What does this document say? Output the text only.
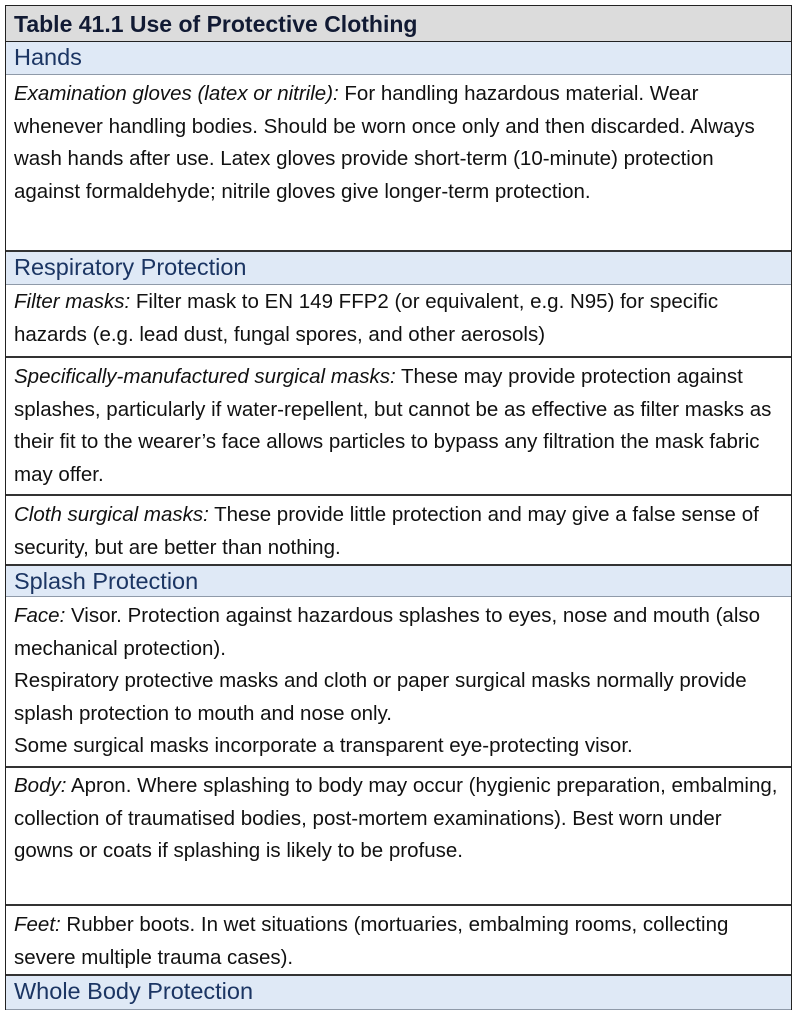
Table 41.1 Use of Protective Clothing
Hands

Examination gloves (latex or nitrile): For handling hazardous material. Wear whenever handling bodies. Should be worn once only and then discarded. Always wash hands after use. Latex gloves provide short-term (10-minute) protection against formaldehyde; nitrile gloves give longer-term protection.

Respiratory Protection

Filter masks: Filter mask to EN 149 FFP2 (or equivalent, e.g. N95) for specific hazards (e.g. lead dust, fungal spores, and other aerosols)

Specifically-manufactured surgical masks: These may provide protection against splashes, particularly if water-repellent, but cannot be as effective as filter masks as their fit to the wearer’s face allows particles to bypass any filtration the mask fabric may offer.

Cloth surgical masks: These provide little protection and may give a false sense of security, but are better than nothing.

Splash Protection

Face: Visor. Protection against hazardous splashes to eyes, nose and mouth (also mechanical protection).

Respiratory protective masks and cloth or paper surgical masks normally provide splash protection to mouth and nose only.

Some surgical masks incorporate a transparent eye-protecting visor.

Body: Apron. Where splashing to body may occur (hygienic preparation, embalming, collection of traumatised bodies, post-mortem examinations). Best worn under gowns or coats if splashing is likely to be profuse.

Feet: Rubber boots. In wet situations (mortuaries, embalming rooms, collecting severe multiple trauma cases).

Whole Body Protection
